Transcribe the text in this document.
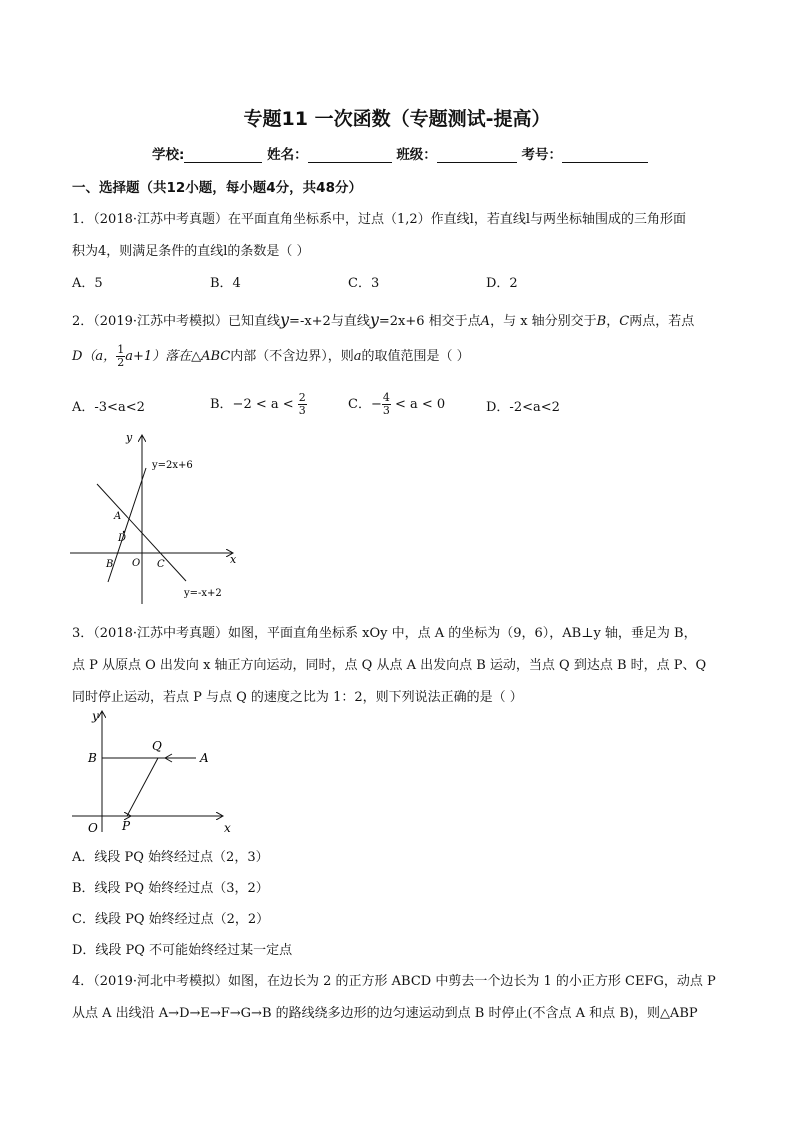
专题11 一次函数（专题测试-提高）
学校:	姓名：	班级：	考号：
一、选择题（共12小题，每小题4分，共48分）
1．（2018·江苏中考真题）在平面直角坐标系中，过点（1,2）作直线l，若直线l与两坐标轴围成的三角形面
积为4，则满足条件的直线l的条数是（ ）
A．5	B．4	C．3	D．2
2．（2019·江苏中考模拟）已知直线y=-x+2与直线y=2x+6 相交于点A，与 x 轴分别交于B，C两点，若点
D（a， $\frac{1}{2} a+1$）落在△ABC内部（不含边界），则a的取值范围是（ ）
A．-3<a<2	B．$-2 < a < \frac{2}{3}$	C．− $\frac{4}{3} < a < 0$	D．-2<a<2
y
x
y=2x+6
y=-x+2
A
D
B O C
3．（2018·江苏中考真题）如图，平面直角坐标系 xOy 中，点 A 的坐标为（9，6），AB⊥y 轴，垂足为 B，
点 P 从原点 O 出发向 x 轴正方向运动，同时，点 Q 从点 A 出发向点 B 运动，当点 Q 到达点 B 时，点 P、Q
同时停止运动，若点 P 与点 Q 的速度之比为 1：2，则下列说法正确的是（ ）
y
x
B
Q
A
O P
A．线段 PQ 始终经过点（2，3）
B．线段 PQ 始终经过点（3，2）
C．线段 PQ 始终经过点（2，2）
D．线段 PQ 不可能始终经过某一定点
4．（2019·河北中考模拟）如图，在边长为 2 的正方形 ABCD 中剪去一个边长为 1 的小正方形 CEFG，动点 P
从点 A 出线沿 A→D→E→F→G→B 的路线绕多边形的边匀速运动到点 B 时停止(不含点 A 和点 B)，则△ABP
